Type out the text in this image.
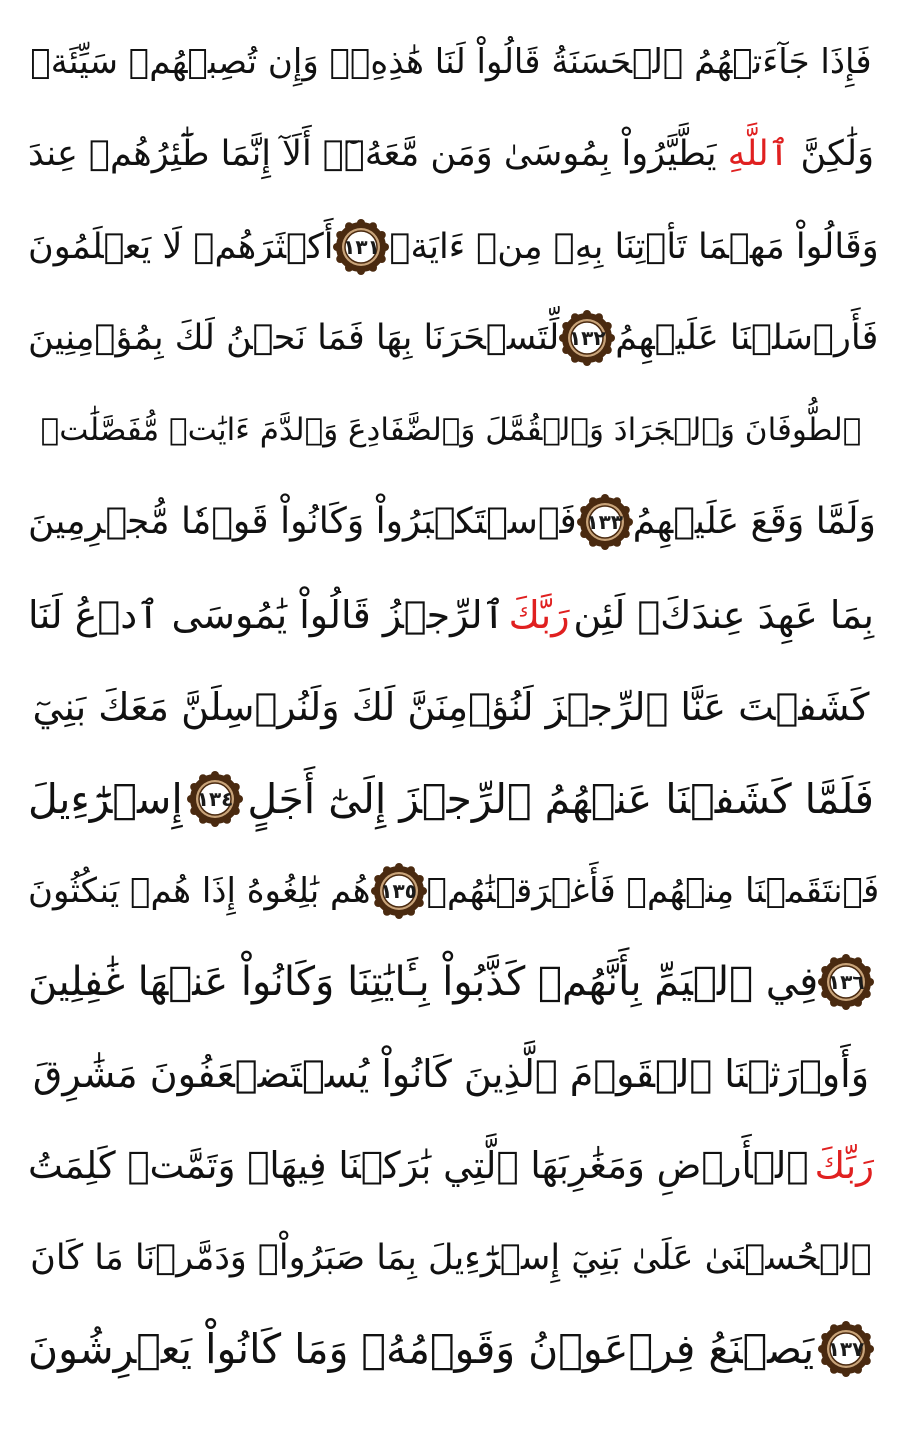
فَإِذَا جَآءَتۡهُمُ ٱلۡحَسَنَةُ قَالُواْ لَنَا هَٰذِهِۦۖ وَإِن تُصِبۡهُمۡ سَيِّئَةٞ
يَطَّيَّرُواْ بِمُوسَىٰ وَمَن مَّعَهُۥٓۗ أَلَآ إِنَّمَا طَٰٓئِرُهُمۡ عِندَ ٱللَّهِ وَلَٰكِنَّ
أَكۡثَرَهُمۡ لَا يَعۡلَمُونَ ١٣١ وَقَالُواْ مَهۡمَا تَأۡتِنَا بِهِۦ مِنۡ ءَايَةٖ
لِّتَسۡحَرَنَا بِهَا فَمَا نَحۡنُ لَكَ بِمُؤۡمِنِينَ ١٣٢ فَأَرۡسَلۡنَا عَلَيۡهِمُ
ٱلطُّوفَانَ وَٱلۡجَرَادَ وَٱلۡقُمَّلَ وَٱلضَّفَادِعَ وَٱلدَّمَ ءَايَٰتٖ مُّفَصَّلَٰتٖ
فَٱسۡتَكۡبَرُواْ وَكَانُواْ قَوۡمٗا مُّجۡرِمِينَ ١٣٣ وَلَمَّا وَقَعَ عَلَيۡهِمُ
ٱلرِّجۡزُ قَالُواْ يَٰمُوسَى ٱدۡعُ لَنَا رَبَّكَ بِمَا عَهِدَ عِندَكَۖ لَئِن
كَشَفۡتَ عَنَّا ٱلرِّجۡزَ لَنُؤۡمِنَنَّ لَكَ وَلَنُرۡسِلَنَّ مَعَكَ بَنِيٓ
إِسۡرَٰٓءِيلَ ١٣٤ فَلَمَّا كَشَفۡنَا عَنۡهُمُ ٱلرِّجۡزَ إِلَىٰٓ أَجَلٍ
هُم بَٰلِغُوهُ إِذَا هُمۡ يَنكُثُونَ ١٣٥ فَٱنتَقَمۡنَا مِنۡهُمۡ فَأَغۡرَقۡنَٰهُمۡ
فِي ٱلۡيَمِّ بِأَنَّهُمۡ كَذَّبُواْ بِـَٔايَٰتِنَا وَكَانُواْ عَنۡهَا غَٰفِلِينَ ١٣٦
وَأَوۡرَثۡنَا ٱلۡقَوۡمَ ٱلَّذِينَ كَانُواْ يُسۡتَضۡعَفُونَ مَشَٰرِقَ
ٱلۡأَرۡضِ وَمَغَٰرِبَهَا ٱلَّتِي بَٰرَكۡنَا فِيهَاۖ وَتَمَّتۡ كَلِمَتُ رَبِّكَ
ٱلۡحُسۡنَىٰ عَلَىٰ بَنِيٓ إِسۡرَٰٓءِيلَ بِمَا صَبَرُواْۖ وَدَمَّرۡنَا مَا كَانَ
يَصۡنَعُ فِرۡعَوۡنُ وَقَوۡمُهُۥ وَمَا كَانُواْ يَعۡرِشُونَ ١٣٧
